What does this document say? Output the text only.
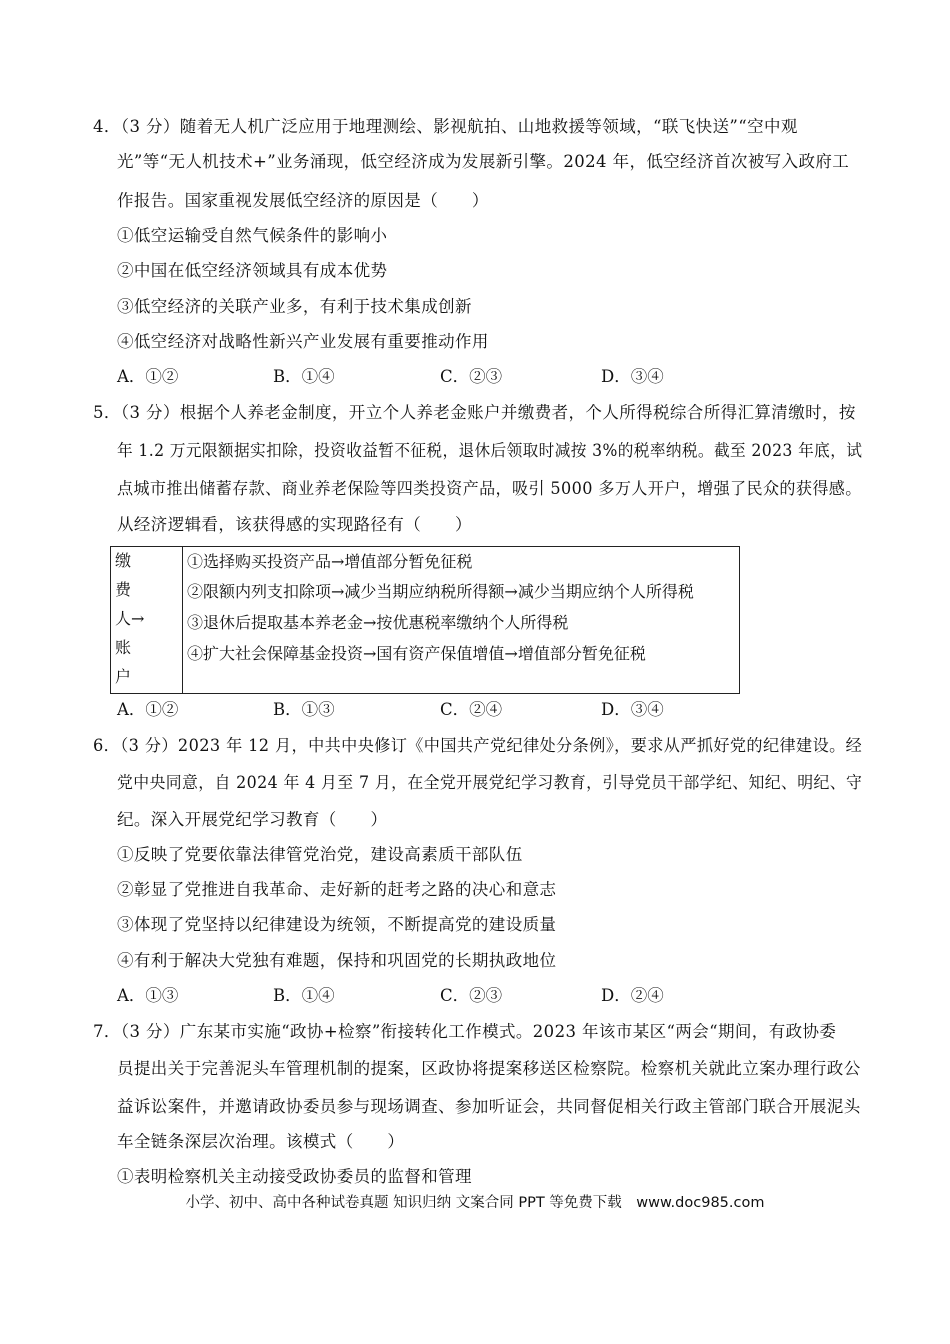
4．（3 分）随着无人机广泛应用于地理测绘、影视航拍、山地救援等领域，“联飞快送”“空中观
光”等“无人机技术+”业务涌现，低空经济成为发展新引擎。2024 年，低空经济首次被写入政府工
作报告。国家重视发展低空经济的原因是（　　）
①低空运输受自然气候条件的影响小
②中国在低空经济领域具有成本优势
③低空经济的关联产业多，有利于技术集成创新
④低空经济对战略性新兴产业发展有重要推动作用
A．①②	B．①④	C．②③	D．③④
5．（3 分）根据个人养老金制度，开立个人养老金账户并缴费者，个人所得税综合所得汇算清缴时，按
年 1.2 万元限额据实扣除，投资收益暂不征税，退休后领取时减按 3%的税率纳税。截至 2023 年底，试
点城市推出储蓄存款、商业养老保险等四类投资产品，吸引 5000 多万人开户，增强了民众的获得感。
从经济逻辑看，该获得感的实现路径有（　　）
缴
费
人→
账
户
①选择购买投资产品→增值部分暂免征税
②限额内列支扣除项→减少当期应纳税所得额→减少当期应纳个人所得税
③退休后提取基本养老金→按优惠税率缴纳个人所得税
④扩大社会保障基金投资→国有资产保值增值→增值部分暂免征税
A．①②	B．①③	C．②④	D．③④
6．（3 分）2023 年 12 月，中共中央修订《中国共产党纪律处分条例》，要求从严抓好党的纪律建设。经
党中央同意，自 2024 年 4 月至 7 月，在全党开展党纪学习教育，引导党员干部学纪、知纪、明纪、守
纪。深入开展党纪学习教育（　　）
①反映了党要依靠法律管党治党，建设高素质干部队伍
②彰显了党推进自我革命、走好新的赶考之路的决心和意志
③体现了党坚持以纪律建设为统领，不断提高党的建设质量
④有利于解决大党独有难题，保持和巩固党的长期执政地位
A．①③	B．①④	C．②③	D．②④
7．（3 分）广东某市实施“政协+检察”衔接转化工作模式。2023 年该市某区“两会“期间，有政协委
员提出关于完善泥头车管理机制的提案，区政协将提案移送区检察院。检察机关就此立案办理行政公
益诉讼案件，并邀请政协委员参与现场调查、参加听证会，共同督促相关行政主管部门联合开展泥头
车全链条深层次治理。该模式（　　）
①表明检察机关主动接受政协委员的监督和管理
小学、初中、高中各种试卷真题 知识归纳 文案合同 PPT 等免费下载　www.doc985.com
